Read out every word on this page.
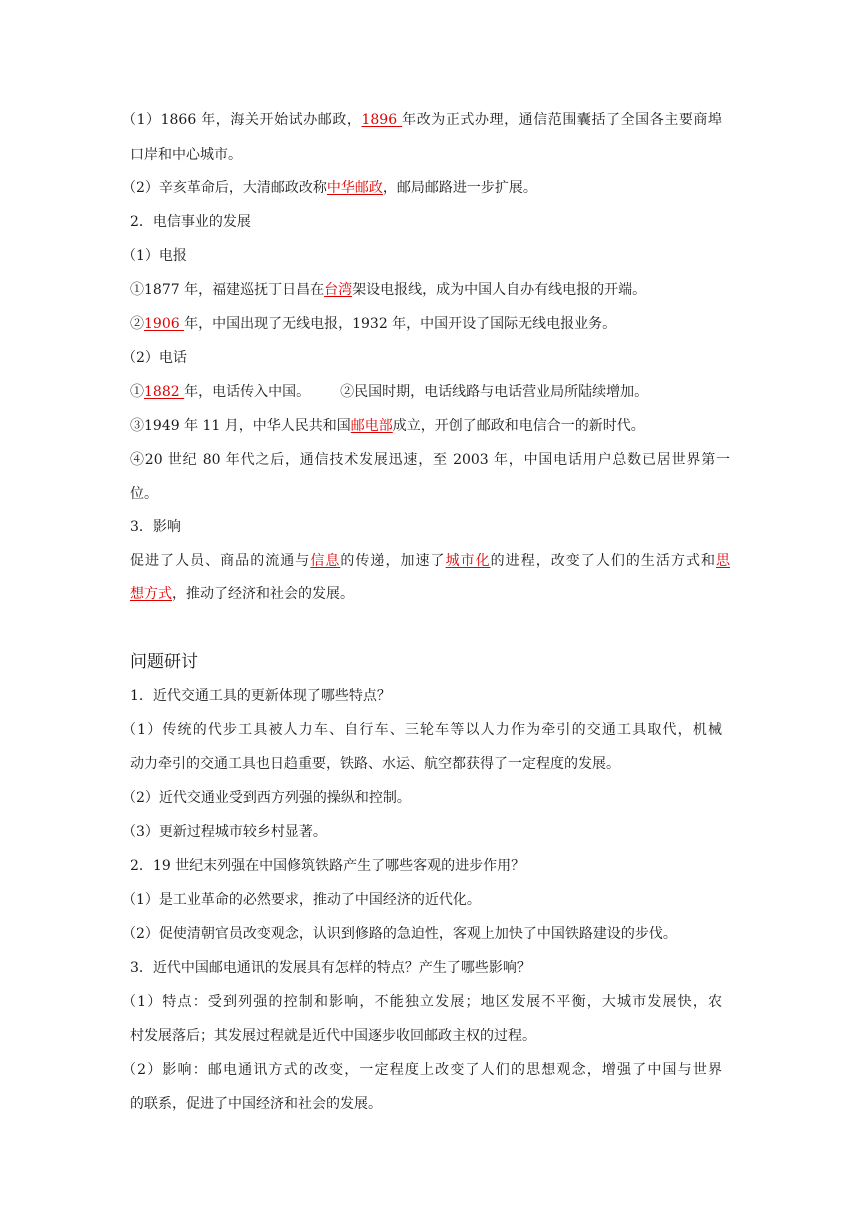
（1）1866 年，海关开始试办邮政，1896 年改为正式办理，通信范围囊括了全国各主要商埠
口岸和中心城市。
（2）辛亥革命后，大清邮政改称中华邮政，邮局邮路进一步扩展。
2．电信事业的发展
（1）电报
①1877 年，福建巡抚丁日昌在台湾架设电报线，成为中国人自办有线电报的开端。
②1906 年，中国出现了无线电报，1932 年，中国开设了国际无线电报业务。
（2）电话
①1882 年，电话传入中国。 ②民国时期，电话线路与电话营业局所陆续增加。
③1949 年 11 月，中华人民共和国邮电部成立，开创了邮政和电信合一的新时代。
④20 世纪 80 年代之后，通信技术发展迅速，至 2003 年，中国电话用户总数已居世界第一
位。
3．影响
促进了人员、商品的流通与信息的传递，加速了城市化的进程，改变了人们的生活方式和思
想方式，推动了经济和社会的发展。
问题研讨
1．近代交通工具的更新体现了哪些特点？
（1）传统的代步工具被人力车、自行车、三轮车等以人力作为牵引的交通工具取代，机械
动力牵引的交通工具也日趋重要，铁路、水运、航空都获得了一定程度的发展。
（2）近代交通业受到西方列强的操纵和控制。
（3）更新过程城市较乡村显著。
2．19 世纪末列强在中国修筑铁路产生了哪些客观的进步作用？
（1）是工业革命的必然要求，推动了中国经济的近代化。
（2）促使清朝官员改变观念，认识到修路的急迫性，客观上加快了中国铁路建设的步伐。
3．近代中国邮电通讯的发展具有怎样的特点？产生了哪些影响？
（1）特点：受到列强的控制和影响，不能独立发展；地区发展不平衡，大城市发展快，农
村发展落后；其发展过程就是近代中国逐步收回邮政主权的过程。
（2）影响：邮电通讯方式的改变，一定程度上改变了人们的思想观念，增强了中国与世界
的联系，促进了中国经济和社会的发展。
